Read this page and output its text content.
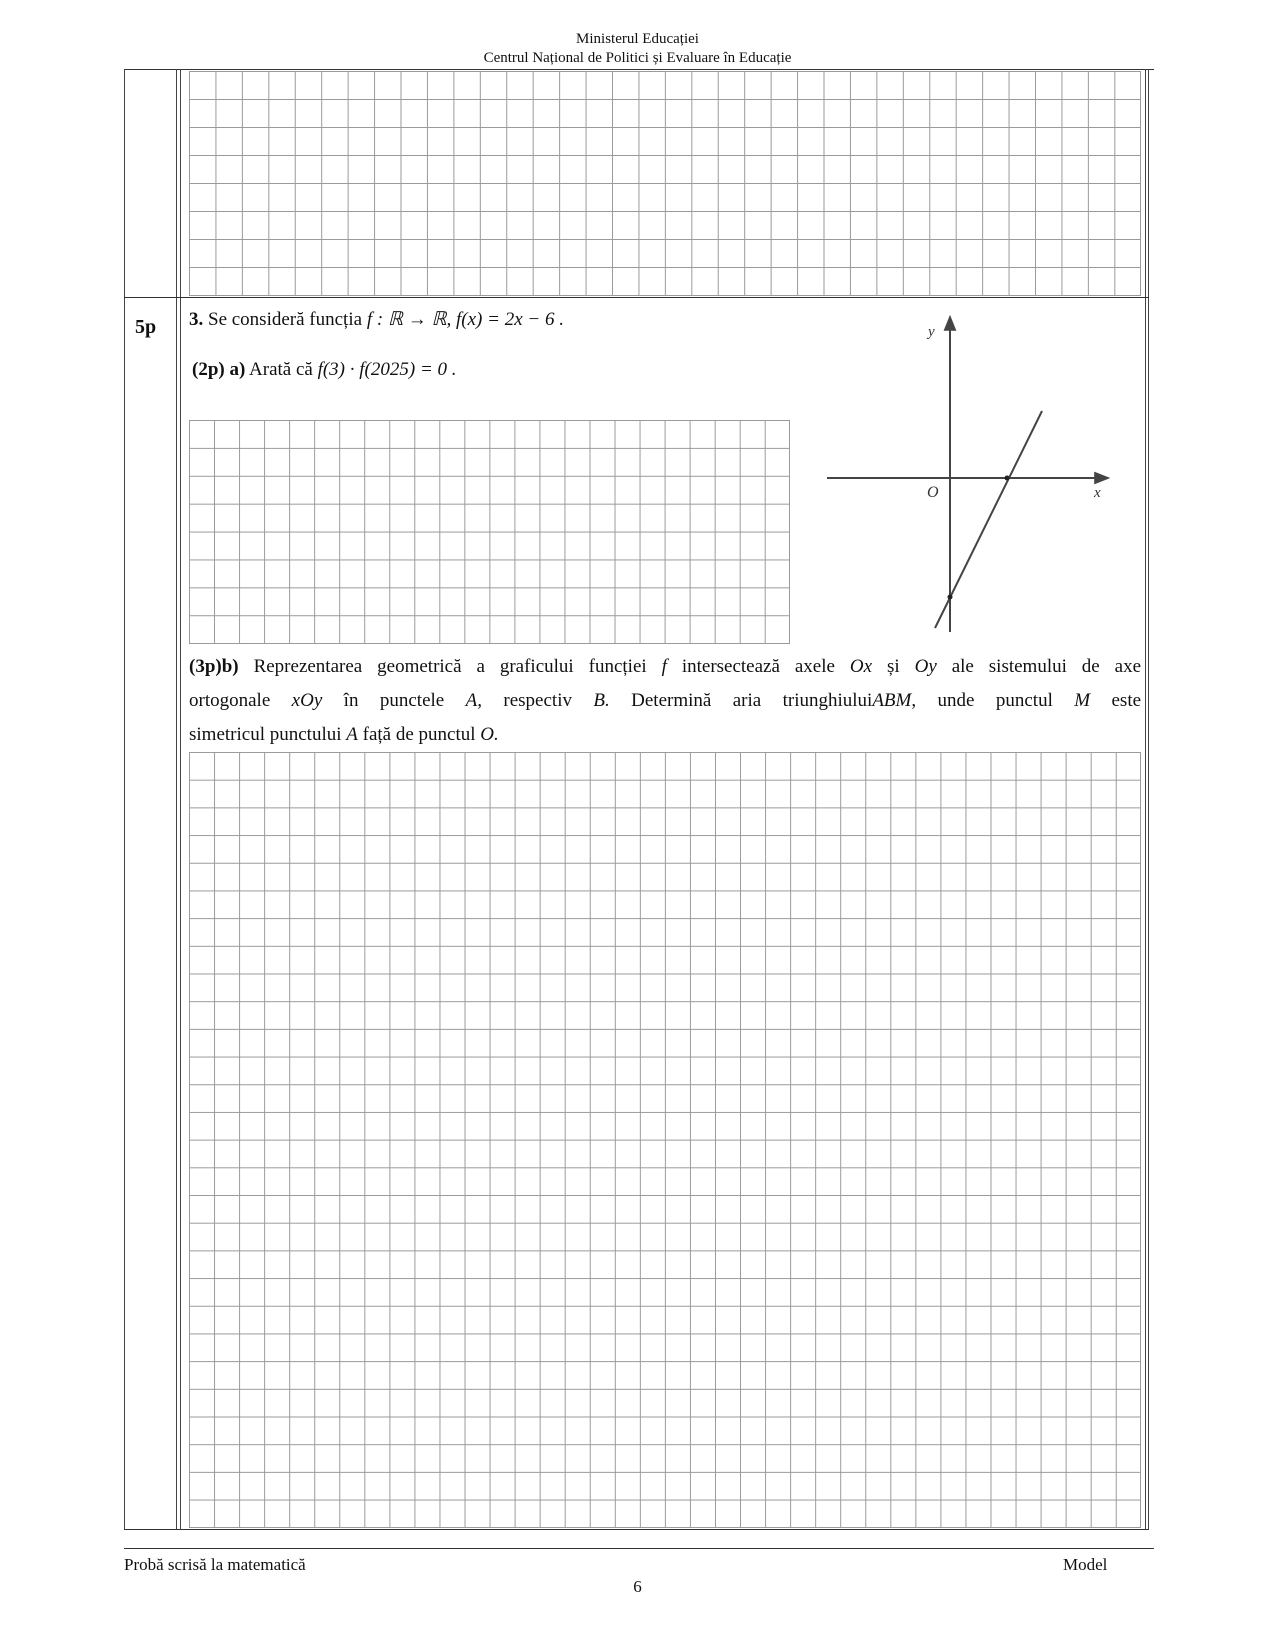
Ministerul Educației
Centrul Național de Politici și Evaluare în Educație
5p 3. Se consideră funcția f : ℝ → ℝ, f(x) = 2x − 6 .
(2p) a) Arată că f(3) · f(2025) = 0 .
y
x
O
(3p)b) Reprezentarea geometrică a graficului funcției f intersectează axele Ox și Oy ale sistemului de axe
ortogonale xOy în punctele A, respectiv B. Determină aria triunghiuluiABM, unde punctul M este
simetricul punctului A față de punctul O.
Probă scrisă la matematică	Model
6
